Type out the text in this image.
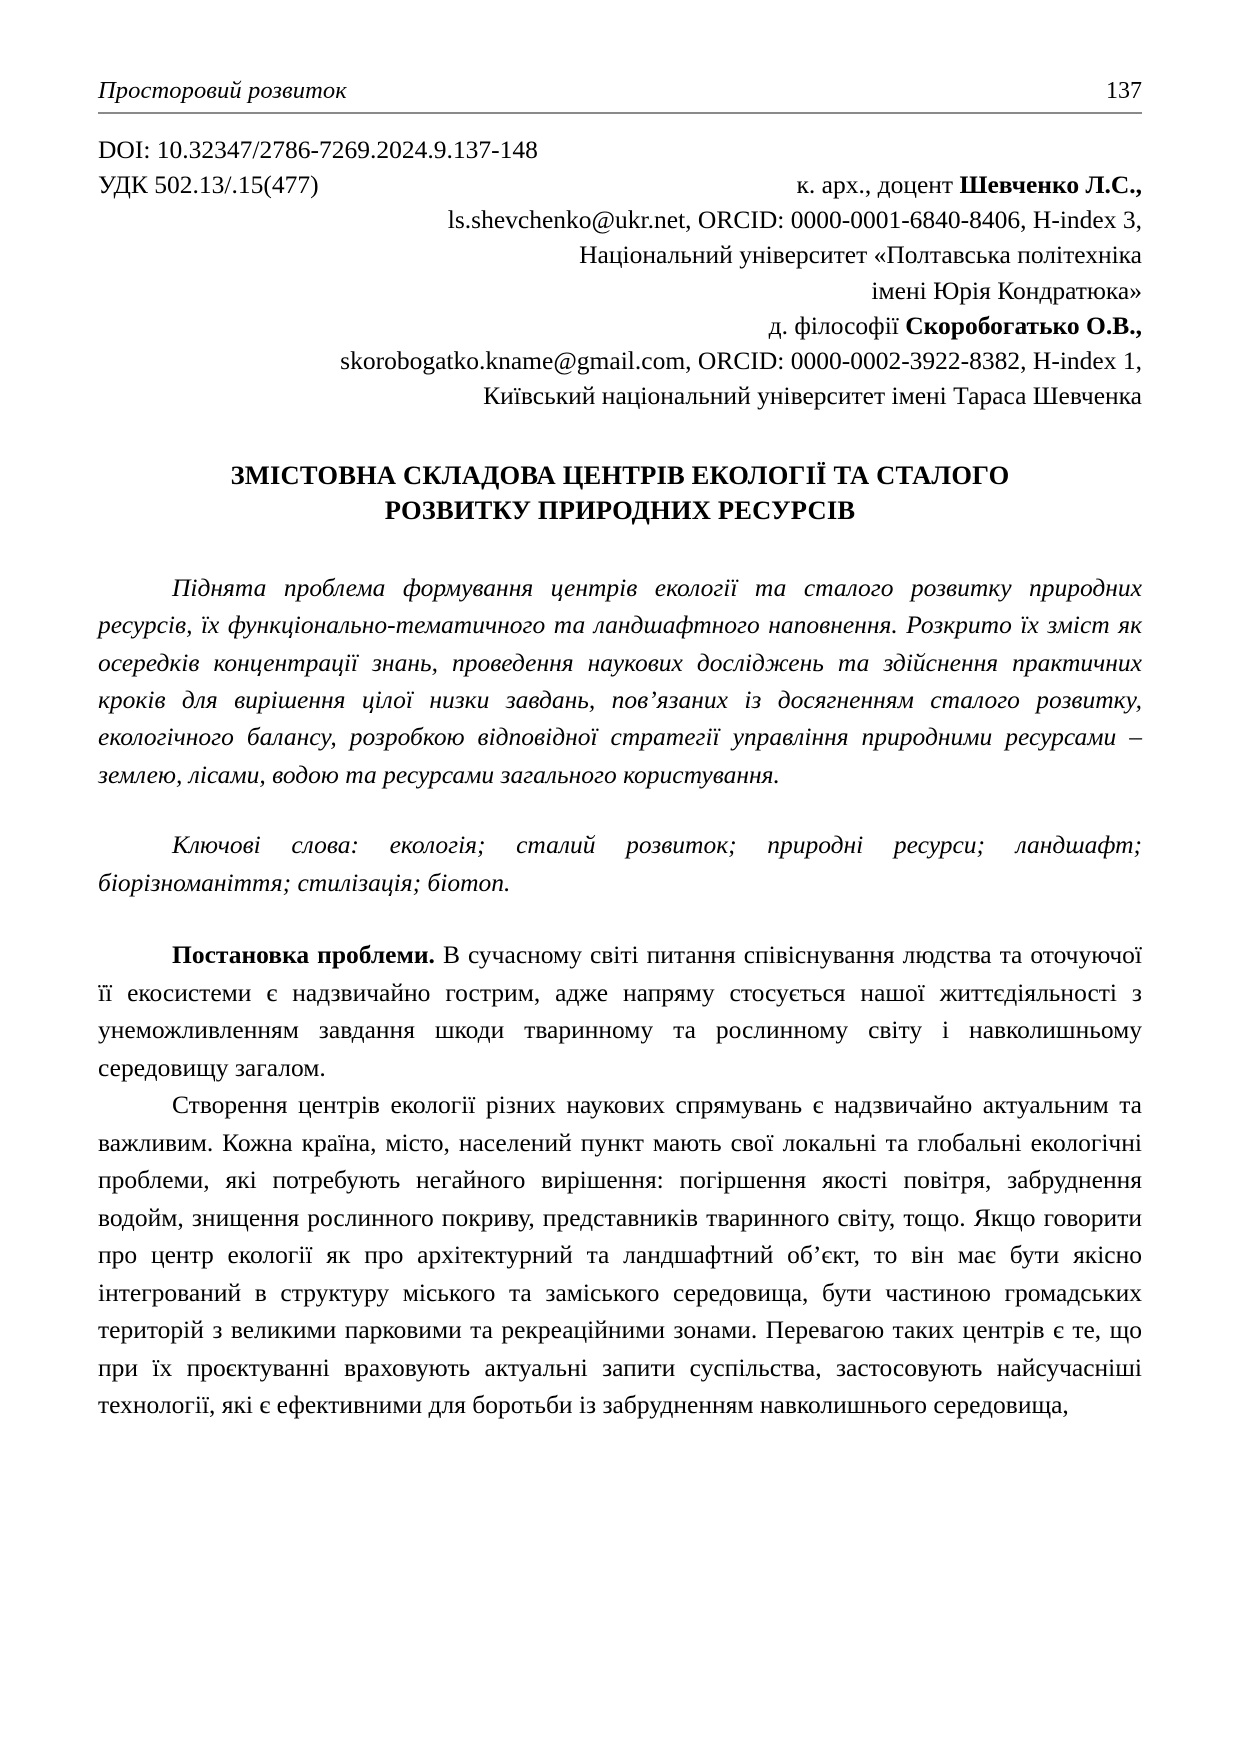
Просторовий розвиток	137
DOI: 10.32347/2786-7269.2024.9.137-148
УДК 502.13/.15(477)	к. арх., доцент Шевченко Л.С.,
ls.shevchenko@ukr.net, ORCID: 0000-0001-6840-8406, H-index 3,
Національний університет «Полтавська політехніка
імені Юрія Кондратюка»
д. філософії Скоробогатько О.В.,
skorobogatko.kname@gmail.com, ORCID: 0000-0002-3922-8382, H-index 1,
Київський національний університет імені Тараса Шевченка
ЗМІСТОВНА СКЛАДОВА ЦЕНТРІВ ЕКОЛОГІЇ ТА СТАЛОГО
РОЗВИТКУ ПРИРОДНИХ РЕСУРСІВ

Піднята проблема формування центрів екології та сталого розвитку природних ресурсів, їх функціонально-тематичного та ландшафтного наповнення. Розкрито їх зміст як осередків концентрації знань, проведення наукових досліджень та здійснення практичних кроків для вирішення цілої низки завдань, пов’язаних із досягненням сталого розвитку, екологічного балансу, розробкою відповідної стратегії управління природними ресурсами – землею, лісами, водою та ресурсами загального користування.

Ключові слова: екологія; сталий розвиток; природні ресурси; ландшафт; біорізноманіття; стилізація; біотоп.

Постановка проблеми. В сучасному світі питання співіснування людства та оточуючої її екосистеми є надзвичайно гострим, адже напряму стосується нашої життєдіяльності з унеможливленням завдання шкоди тваринному та рослинному світу і навколишньому середовищу загалом.

Створення центрів екології різних наукових спрямувань є надзвичайно актуальним та важливим. Кожна країна, місто, населений пункт мають свої локальні та глобальні екологічні проблеми, які потребують негайного вирішення: погіршення якості повітря, забруднення водойм, знищення рослинного покриву, представників тваринного світу, тощо. Якщо говорити про центр екології як про архітектурний та ландшафтний об’єкт, то він має бути якісно інтегрований в структуру міського та заміського середовища, бути частиною громадських територій з великими парковими та рекреаційними зонами. Перевагою таких центрів є те, що при їх проєктуванні враховують актуальні запити суспільства, застосовують найсучасніші технології, які є ефективними для боротьби із забрудненням навколишнього середовища,
